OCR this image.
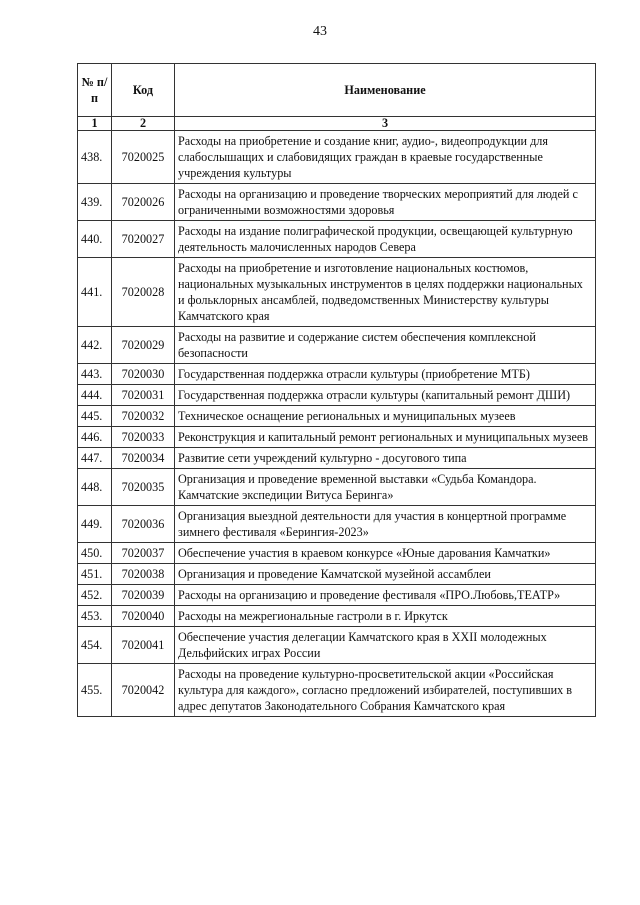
43
№ п/п	Код	Наименование
1	2	3
438.	7020025	Расходы на приобретение и создание книг, аудио-, видеопродукции для слабослышащих и слабовидящих граждан в краевые государственные учреждения культуры
439.	7020026	Расходы на организацию и проведение творческих мероприятий для людей с ограниченными возможностями здоровья
440.	7020027	Расходы на издание полиграфической продукции, освещающей культурную деятельность малочисленных народов Севера
441.	7020028	Расходы на приобретение и изготовление национальных костюмов, национальных музыкальных инструментов в целях поддержки национальных и фольклорных ансамблей, подведомственных Министерству культуры Камчатского края
442.	7020029	Расходы на развитие и содержание систем обеспечения комплексной безопасности
443.	7020030	Государственная поддержка отрасли культуры (приобретение МТБ)
444.	7020031	Государственная поддержка отрасли культуры (капитальный ремонт ДШИ)
445.	7020032	Техническое оснащение региональных и муниципальных музеев
446.	7020033	Реконструкция и капитальный ремонт региональных и муниципальных музеев
447.	7020034	Развитие сети учреждений культурно - досугового типа
448.	7020035	Организация и проведение временной выставки «Судьба Командора. Камчатские экспедиции Витуса Беринга»
449.	7020036	Организация выездной деятельности для участия в концертной программе зимнего фестиваля «Берингия-2023»
450.	7020037	Обеспечение участия в краевом конкурсе «Юные дарования Камчатки»
451.	7020038	Организация и проведение Камчатской музейной ассамблеи
452.	7020039	Расходы на организацию и проведение фестиваля «ПРО.Любовь,ТЕАТР»
453.	7020040	Расходы на межрегиональные гастроли в г. Иркутск
454.	7020041	Обеспечение участия делегации Камчатского края в XXII молодежных Дельфийских играх России
455.	7020042	Расходы на проведение культурно-просветительской акции «Российская культура для каждого», согласно предложений избирателей, поступивших в адрес депутатов Законодательного Собрания Камчатского края
